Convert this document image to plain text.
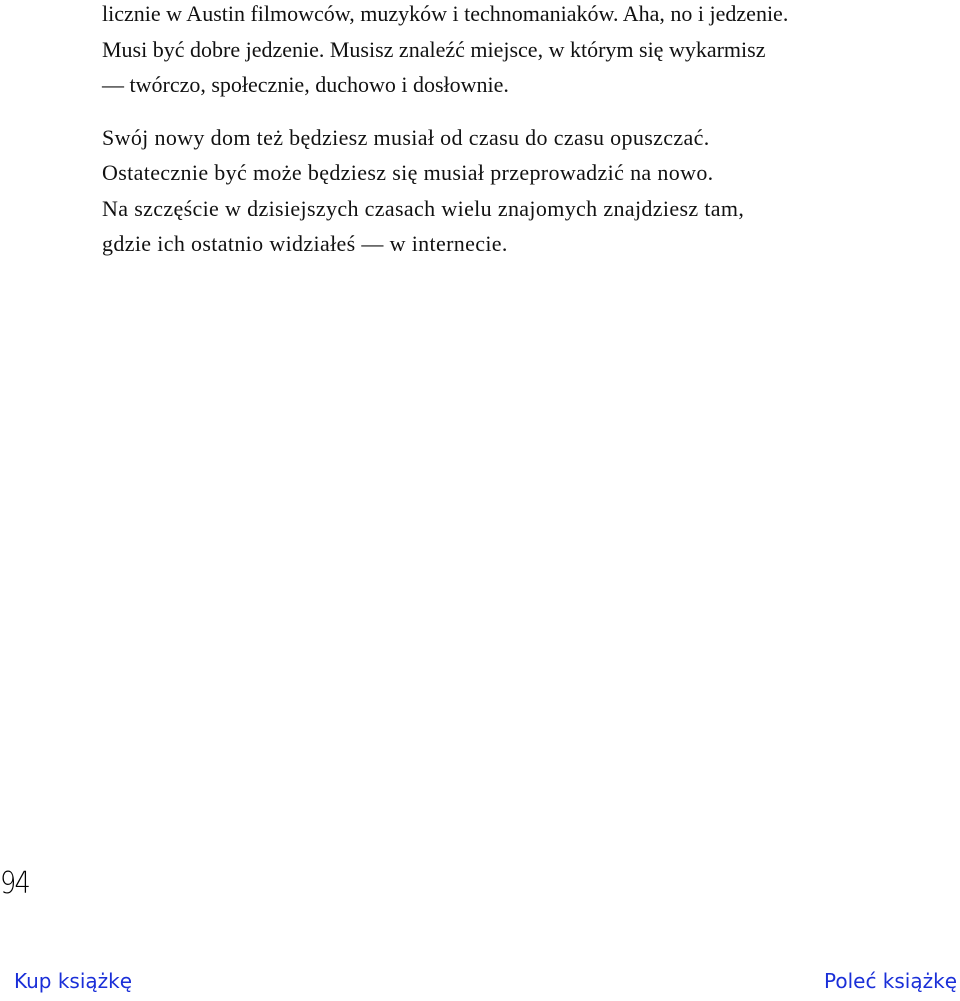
licznie w Austin filmowców, muzyków i technomaniaków. Aha, no i jedzenie.
Musi być dobre jedzenie. Musisz znaleźć miejsce, w którym się wykarmisz
— twórczo, społecznie, duchowo i dosłownie.

Swój nowy dom też będziesz musiał od czasu do czasu opuszczać.
Ostatecznie być może będziesz się musiał przeprowadzić na nowo.
Na szczęście w dzisiejszych czasach wielu znajomych znajdziesz tam,
gdzie ich ostatnio widziałeś — w internecie.

94
Kup książkę	Poleć książkę
